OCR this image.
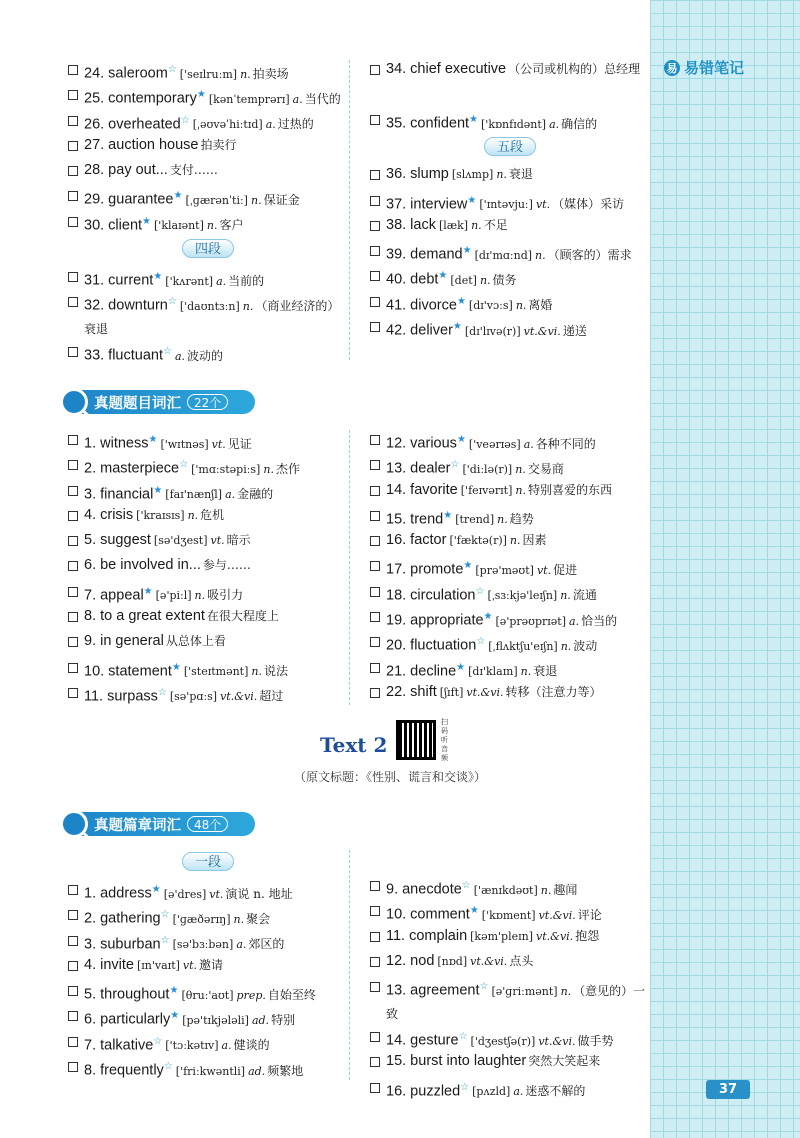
易 易错笔记
24. saleroom☆ ['seɪlruːm] n. 拍卖场
25. contemporary★ [kənˈtemprərɪ] a. 当代的
26. overheated☆ [ˌəʊvəˈhiːtɪd] a. 过热的
27. auction house 拍卖行
28. pay out... 支付……
29. guarantee★ [ˌɡærənˈtiː] n. 保证金
30. client★ ['klaɪənt] n. 客户
四段
31. current★ ['kʌrənt] a. 当前的
32. downturn☆ ['daʊntɜːn] n. （商业经济的）衰退
33. fluctuant☆ a. 波动的
34. chief executive （公司或机构的）总经理
35. confident★ ['kɒnfɪdənt] a. 确信的
五段
36. slump [slʌmp] n. 衰退
37. interview★ ['ɪntəvjuː] vt. （媒体）采访
38. lack [læk] n. 不足
39. demand★ [dɪ'mɑːnd] n. （顾客的）需求
40. debt★ [det] n. 债务
41. divorce★ [dɪ'vɔːs] n. 离婚
42. deliver★ [dɪ'lɪvə(r)] vt.&vi. 递送
真题题目词汇	22个
1. witness★ ['wɪtnəs] vt. 见证
2. masterpiece☆ ['mɑːstəpiːs] n. 杰作
3. financial★ [faɪ'nænʃl] a. 金融的
4. crisis ['kraɪsɪs] n. 危机
5. suggest [sə'dʒest] vt. 暗示
6. be involved in... 参与……
7. appeal★ [ə'piːl] n. 吸引力
8. to a great extent 在很大程度上
9. in general 从总体上看
10. statement★ ['steɪtmənt] n. 说法
11. surpass☆ [sə'pɑːs] vt.&vi. 超过
12. various★ ['veərɪəs] a. 各种不同的
13. dealer☆ ['diːlə(r)] n. 交易商
14. favorite ['feɪvərɪt] n. 特别喜爱的东西
15. trend★ [trend] n. 趋势
16. factor ['fæktə(r)] n. 因素
17. promote★ [prə'məʊt] vt. 促进
18. circulation☆ [ˌsɜːkjə'leɪʃn] n. 流通
19. appropriate★ [ə'prəʊprɪət] a. 恰当的
20. fluctuation☆ [ˌflʌktʃu'eɪʃn] n. 波动
21. decline★ [dɪ'klaɪn] n. 衰退
22. shift [ʃɪft] vt.&vi. 转移（注意力等）
Text 2
扫码听音频
（原文标题：《性别、谎言和交谈》）
真题篇章词汇	48个
一段
1. address★ [ə'dres] vt. 演说 n. 地址
2. gathering☆ ['ɡæðərɪŋ] n. 聚会
3. suburban☆ [sə'bɜːbən] a. 郊区的
4. invite [ɪn'vaɪt] vt. 邀请
5. throughout★ [θruː'aʊt] prep. 自始至终
6. particularly★ [pə'tɪkjələli] ad. 特别
7. talkative☆ ['tɔːkətɪv] a. 健谈的
8. frequently☆ ['friːkwəntli] ad. 频繁地
9. anecdote☆ ['ænɪkdəʊt] n. 趣闻
10. comment★ ['kɒment] vt.&vi. 评论
11. complain [kəm'pleɪn] vt.&vi. 抱怨
12. nod [nɒd] vt.&vi. 点头
13. agreement☆ [ə'ɡriːmənt] n. （意见的）一致
14. gesture☆ ['dʒestʃə(r)] vt.&vi. 做手势
15. burst into laughter 突然大笑起来
16. puzzled☆ [pʌzld] a. 迷惑不解的	37
